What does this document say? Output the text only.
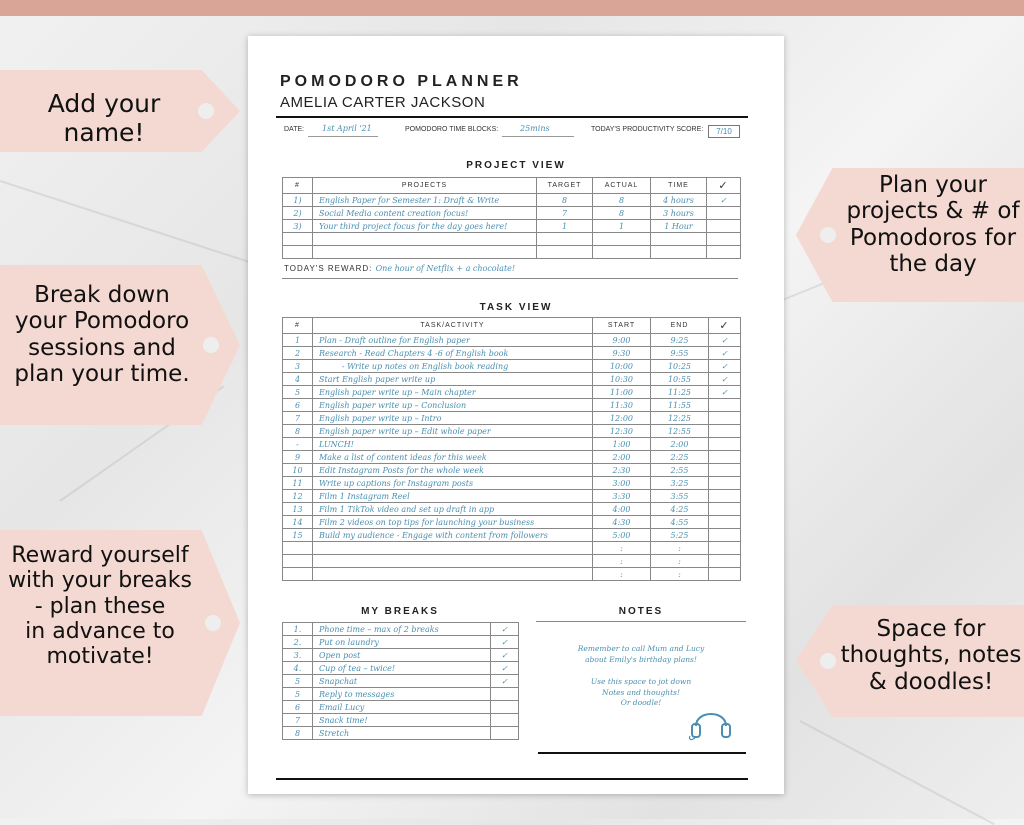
Add your name!
Break down
your Pomodoro
sessions and
plan your time.
Reward yourself
with your breaks
- plan these
in advance to
motivate!
Plan your
projects & # of
Pomodoros for
the day
Space for
thoughts, notes
& doodles!
POMODORO PLANNER
AMELIA CARTER JACKSON
DATE: 1st April '21	POMODORO TIME BLOCKS:	25mins	TODAY'S PRODUCTIVITY SCORE:	7/10
PROJECT VIEW
#	PROJECTS	TARGET	ACTUAL	TIME	✓
1)	English Paper for Semester 1: Draft & Write	8	8	4 hours	✓
2)	Social Media content creation focus!	7	8	3 hours	
3)	Your third project focus for the day goes here!	1	1	1 Hour	

TODAY'S REWARD: One hour of Netflix + a chocolate!
TASK VIEW
#	TASK/ACTIVITY	START	END	✓
1	Plan - Draft outline for English paper	9:00	9:25	✓
2	Research - Read Chapters 4 -6 of English book	9:30	9:55	✓
3	- Write up notes on English book reading	10:00	10:25	✓
4	Start English paper write up	10:30	10:55	✓
5	English paper write up – Main chapter	11:00	11:25	✓
6	English paper write up – Conclusion	11:30	11:55	
7	English paper write up – Intro	12:00	12:25	
8	English paper write up – Edit whole paper	12:30	12:55	
-	LUNCH!	1:00	2:00	
9	Make a list of content ideas for this week	2:00	2:25	
10	Edit Instagram Posts for the whole week	2:30	2:55	
11	Write up captions for Instagram posts	3:00	3:25	
12	Film 1 Instagram Reel	3:30	3:55	
13	Film 1 TikTok video and set up draft in app	4:00	4:25	
14	Film 2 videos on top tips for launching your business	4:30	4:55	
15	Build my audience - Engage with content from followers	5:00	5:25	
		:	:	
		:	:	
		:	:	
MY BREAKS
1.	Phone time – max of 2 breaks	✓
2.	Put on laundry	✓
3.	Open post	✓
4.	Cup of tea – twice!	✓
5	Snapchat	✓
5	Reply to messages	
6	Email Lucy	
7	Snack time!	
8	Stretch	
NOTES
Remember to call Mum and Lucy
about Emily's birthday plans!

Use this space to jot down
Notes and thoughts!
Or doodle!
